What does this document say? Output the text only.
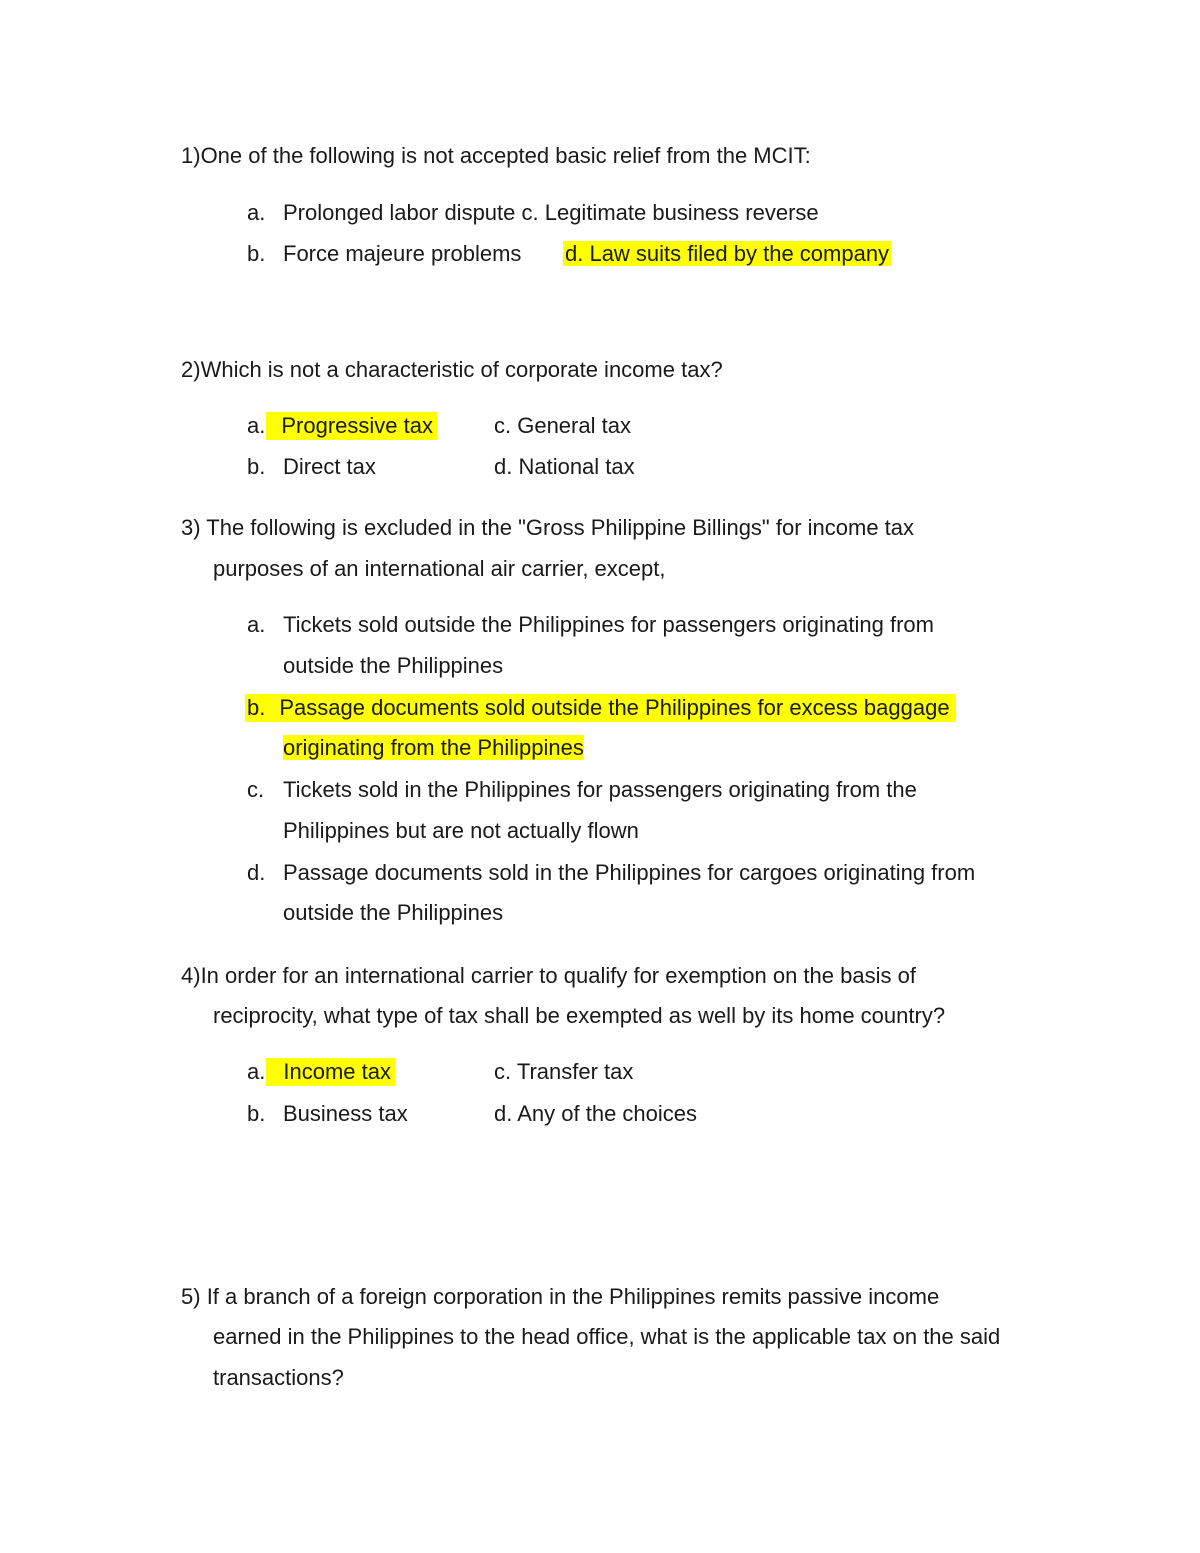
1)One of the following is not accepted basic relief from the MCIT:
a. Prolonged labor dispute c. Legitimate business reverse
b. Force majeure problems d. Law suits filed by the company
2)Which is not a characteristic of corporate income tax?
a. Progressive tax	c. General tax
b. Direct tax	d. National tax
3) The following is excluded in the "Gross Philippine Billings" for income tax
purposes of an international air carrier, except,
a. Tickets sold outside the Philippines for passengers originating from
outside the Philippines
b. Passage documents sold outside the Philippines for excess baggage
originating from the Philippines
c. Tickets sold in the Philippines for passengers originating from the
Philippines but are not actually flown
d. Passage documents sold in the Philippines for cargoes originating from
outside the Philippines
4)In order for an international carrier to qualify for exemption on the basis of
reciprocity, what type of tax shall be exempted as well by its home country?
a. Income tax	c. Transfer tax
b. Business tax	d. Any of the choices
5) If a branch of a foreign corporation in the Philippines remits passive income
earned in the Philippines to the head office, what is the applicable tax on the said
transactions?
